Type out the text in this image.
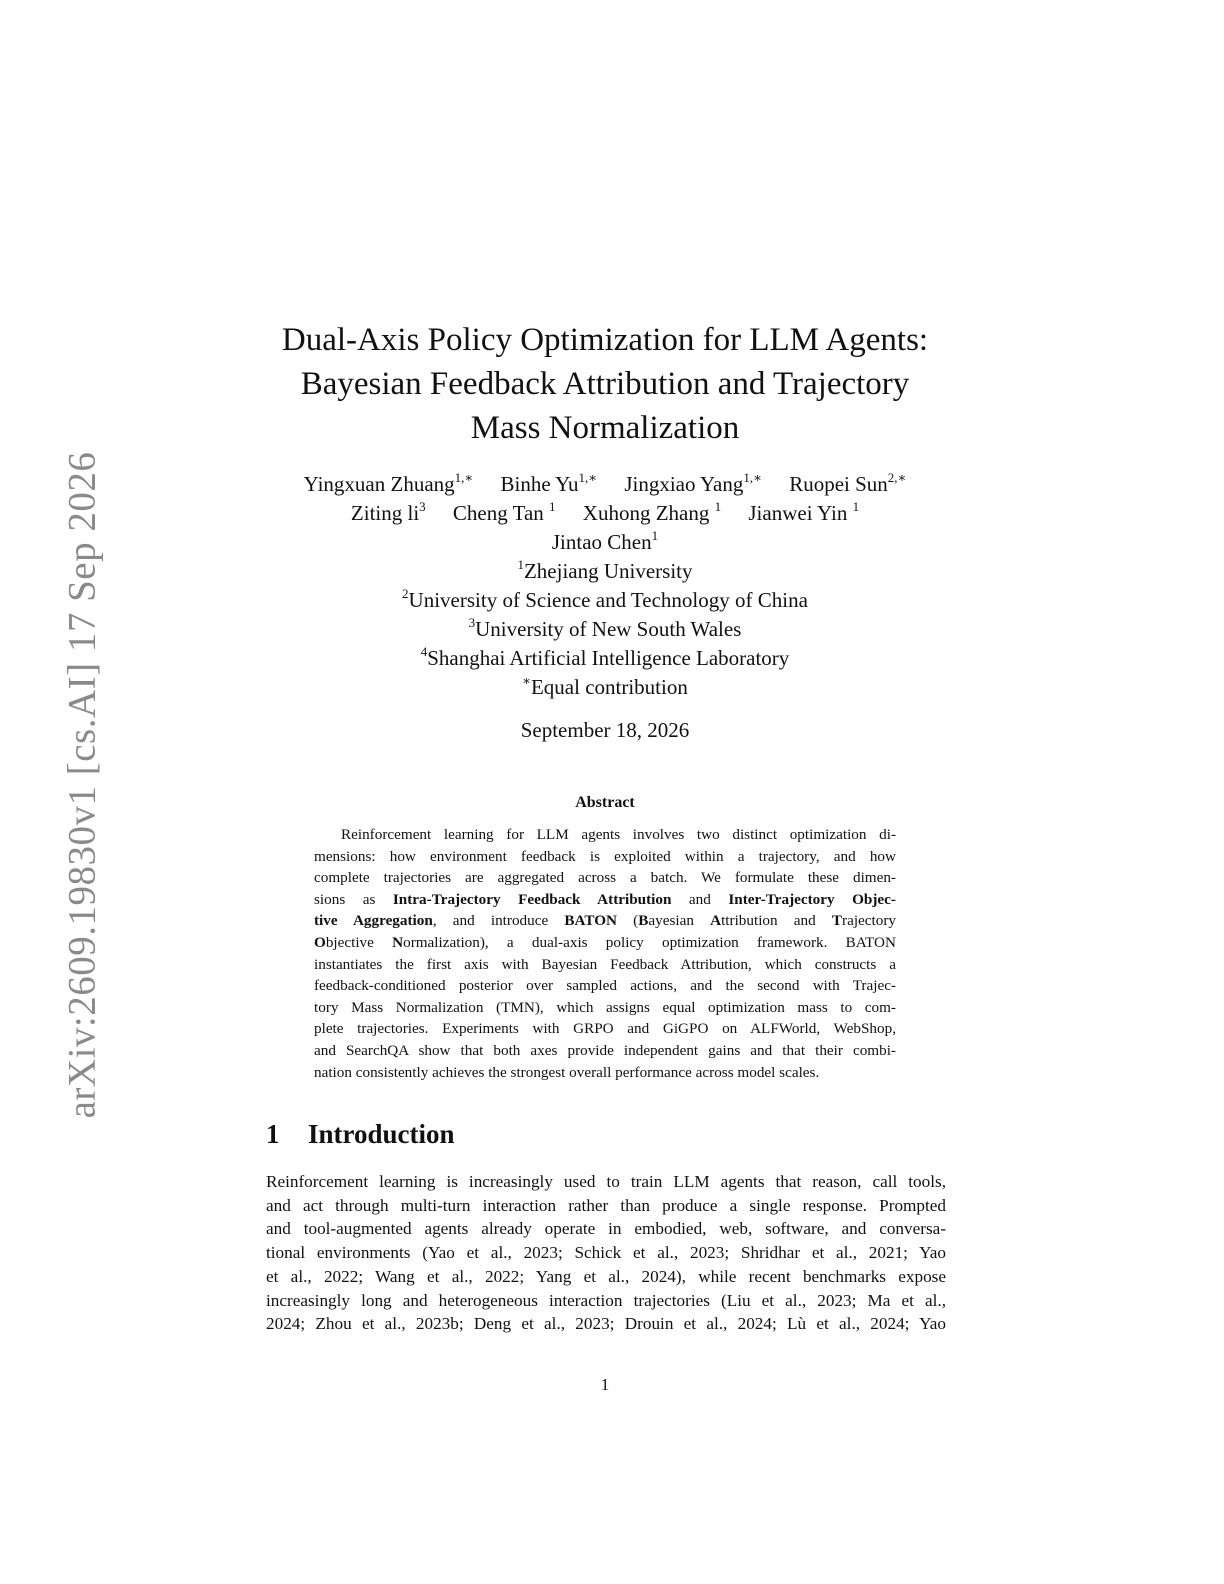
arXiv:2609.19830v1 [cs.AI] 17 Sep 2026
Dual-Axis Policy Optimization for LLM Agents:
Bayesian Feedback Attribution and Trajectory
Mass Normalization
Yingxuan Zhuang$^{1,∗}$ Binhe $Yu^{1,∗}$ Jingxiao Yang$^{1,∗}$ Ruopei Sun$^{2,∗}$
Ziting $li^3$ Cheng Tan $^1$ Xuhong Zhang $^1$ Jianwei Yin $^1$
Jintao Chen$^1$
$^1$Zhejiang University
$^2$University of Science and Technology of China
$^3$University of New South Wales
$^4$Shanghai Artificial Intelligence Laboratory
∗Equal contribution
September 18, 2026
Abstract
Reinforcement learning for LLM agents involves two distinct optimization di-
mensions: how environment feedback is exploited within a trajectory, and how
complete trajectories are aggregated across a batch. We formulate these dimen-
sions as Intra-Trajectory Feedback Attribution and Inter-Trajectory Objec-
tive Aggregation, and introduce BATON (Bayesian Attribution and Trajectory
Objective Normalization), a dual-axis policy optimization framework. BATON
instantiates the first axis with Bayesian Feedback Attribution, which constructs a
feedback-conditioned posterior over sampled actions, and the second with Trajec-
tory Mass Normalization (TMN), which assigns equal optimization mass to com-
plete trajectories. Experiments with GRPO and GiGPO on ALFWorld, WebShop,
and SearchQA show that both axes provide independent gains and that their combi-
nation consistently achieves the strongest overall performance across model scales.
1 Introduction
Reinforcement learning is increasingly used to train LLM agents that reason, call tools,
and act through multi-turn interaction rather than produce a single response. Prompted
and tool-augmented agents already operate in embodied, web, software, and conversa-
tional environments (Yao et al., 2023; Schick et al., 2023; Shridhar et al., 2021; Yao
et al., 2022; Wang et al., 2022; Yang et al., 2024), while recent benchmarks expose
increasingly long and heterogeneous interaction trajectories (Liu et al., 2023; Ma et al.,
2024; Zhou et al., 2023b; Deng et al., 2023; Drouin et al., 2024; Lù et al., 2024; Yao
1
